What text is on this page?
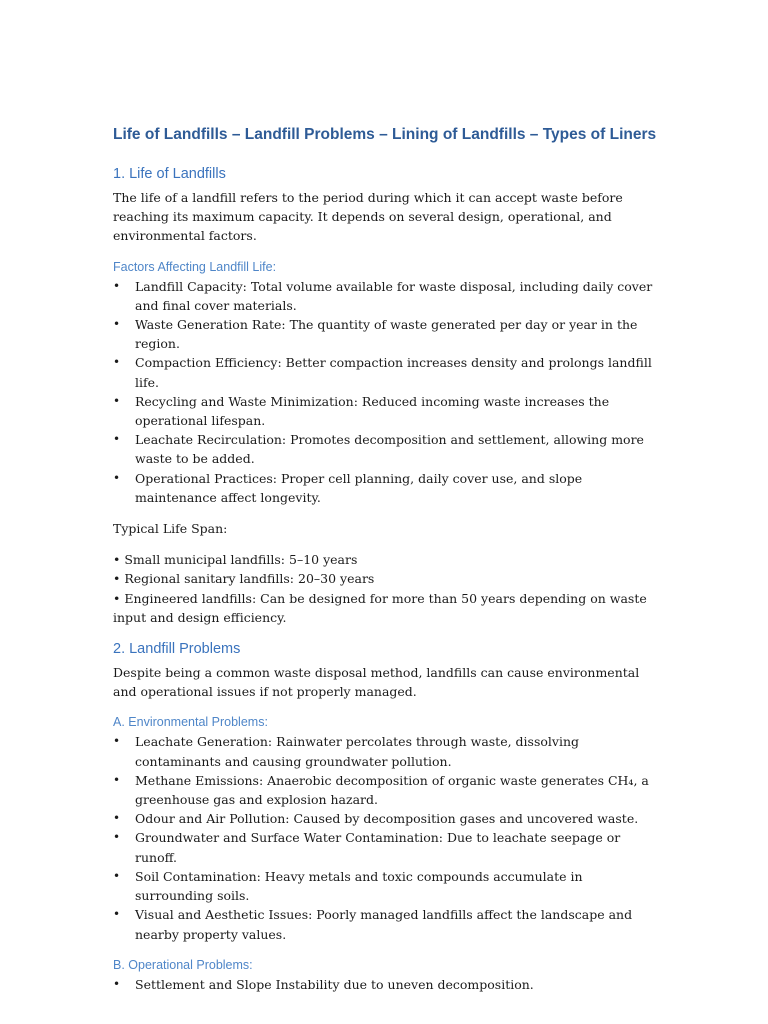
Life of Landfills – Landfill Problems – Lining of Landfills – Types of Liners
1. Life of Landfills

The life of a landfill refers to the period during which it can accept waste before reaching its maximum capacity. It depends on several design, operational, and environmental factors.

Factors Affecting Landfill Life:
• Landfill Capacity: Total volume available for waste disposal, including daily cover and final cover materials.
• Waste Generation Rate: The quantity of waste generated per day or year in the region.
• Compaction Efficiency: Better compaction increases density and prolongs landfill life.
• Recycling and Waste Minimization: Reduced incoming waste increases the operational lifespan.
• Leachate Recirculation: Promotes decomposition and settlement, allowing more waste to be added.
• Operational Practices: Proper cell planning, daily cover use, and slope maintenance affect longevity.

Typical Life Span:

• Small municipal landfills: 5–10 years

• Regional sanitary landfills: 20–30 years

• Engineered landfills: Can be designed for more than 50 years depending on waste input and design efficiency.

2. Landfill Problems

Despite being a common waste disposal method, landfills can cause environmental and operational issues if not properly managed.

A. Environmental Problems:
• Leachate Generation: Rainwater percolates through waste, dissolving contaminants and causing groundwater pollution.
• Methane Emissions: Anaerobic decomposition of organic waste generates CH₄, a greenhouse gas and explosion hazard.
• Odour and Air Pollution: Caused by decomposition gases and uncovered waste.
• Groundwater and Surface Water Contamination: Due to leachate seepage or runoff.
• Soil Contamination: Heavy metals and toxic compounds accumulate in surrounding soils.
• Visual and Aesthetic Issues: Poorly managed landfills affect the landscape and nearby property values.
B. Operational Problems:
• Settlement and Slope Instability due to uneven decomposition.
